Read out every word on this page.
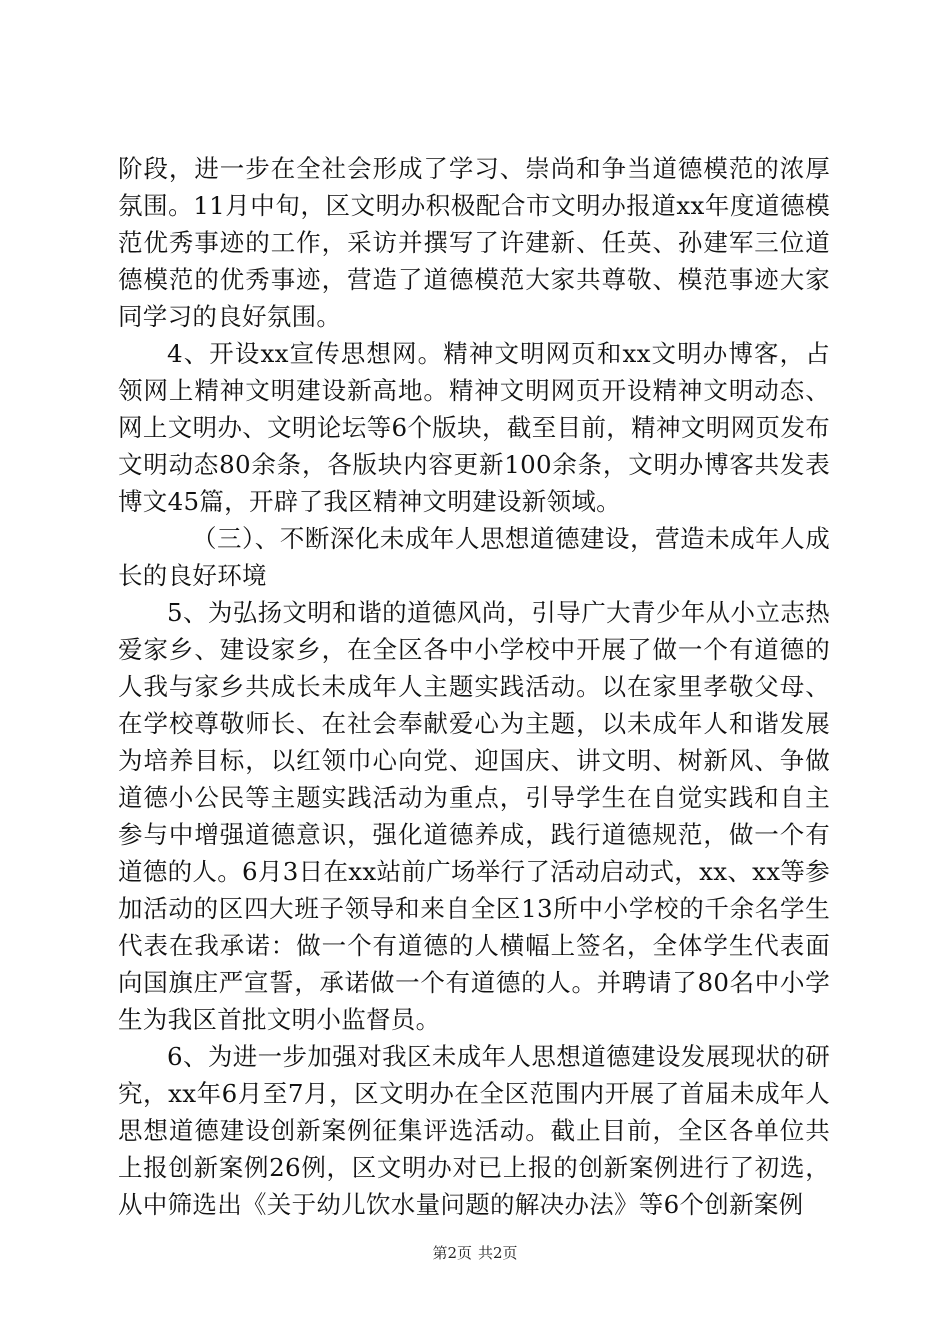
阶段，进一步在全社会形成了学习、崇尚和争当道德模范的浓厚氛围。11月中旬，区文明办积极配合市文明办报道xx年度道德模范优秀事迹的工作，采访并撰写了许建新、任英、孙建军三位道德模范的优秀事迹，营造了道德模范大家共尊敬、模范事迹大家同学习的良好氛围。

4、开设xx宣传思想网。精神文明网页和xx文明办博客，占领网上精神文明建设新高地。精神文明网页开设精神文明动态、网上文明办、文明论坛等6个版块，截至目前，精神文明网页发布文明动态80余条，各版块内容更新100余条，文明办博客共发表博文45篇，开辟了我区精神文明建设新领域。

（三）、不断深化未成年人思想道德建设，营造未成年人成长的良好环境

5、为弘扬文明和谐的道德风尚，引导广大青少年从小立志热爱家乡、建设家乡，在全区各中小学校中开展了做一个有道德的人我与家乡共成长未成年人主题实践活动。以在家里孝敬父母、在学校尊敬师长、在社会奉献爱心为主题，以未成年人和谐发展为培养目标，以红领巾心向党、迎国庆、讲文明、树新风、争做道德小公民等主题实践活动为重点，引导学生在自觉实践和自主参与中增强道德意识，强化道德养成，践行道德规范，做一个有道德的人。6月3日在xx站前广场举行了活动启动式，xx、xx等参加活动的区四大班子领导和来自全区13所中小学校的千余名学生代表在我承诺：做一个有道德的人横幅上签名，全体学生代表面向国旗庄严宣誓，承诺做一个有道德的人。并聘请了80名中小学生为我区首批文明小监督员。

6、为进一步加强对我区未成年人思想道德建设发展现状的研究，xx年6月至7月，区文明办在全区范围内开展了首届未成年人思想道德建设创新案例征集评选活动。截止目前，全区各单位共上报创新案例26例，区文明办对已上报的创新案例进行了初选，从中筛选出《关于幼儿饮水量问题的解决办法》等6个创新案例

第2页 共2页
